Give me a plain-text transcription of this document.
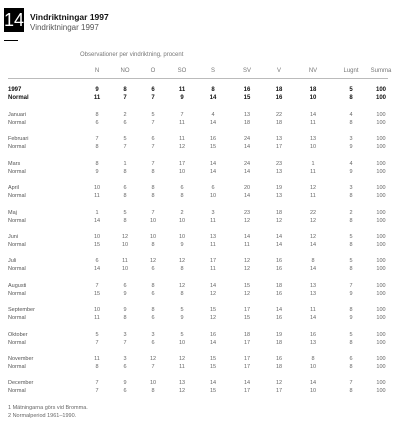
14 Vindriktningar 1997
Vindriktningar 1997
Observationer per vindriktning, procent
N	NO	O	SO	S	SV	V	NV	Lugnt	Summa
1997	9	8	6	11	8	16	18	18	5	100
Normal	11	7	7	9	14	15	16	10	8	100
Januari	8	2	5	7	4	13	22	14	4	100
Normal	6	6	7	11	14	18	18	11	8	100
Februari	7	5	6	11	16	24	13	13	3	100
Normal	8	7	7	12	15	14	17	10	9	100
Mars	8	1	7	17	14	24	23	1	4	100
Normal	9	8	8	10	14	14	13	11	9	100
April	10	6	8	6	6	20	19	12	3	100
Normal	11	8	8	8	10	14	13	11	8	100
Maj	1	5	7	2	3	23	18	22	2	100
Normal	14	8	10	10	11	12	12	12	8	100
Juni	10	12	10	10	13	14	14	12	5	100
Normal	15	10	8	9	11	11	14	14	8	100
Juli	6	11	12	12	17	12	16	8	5	100
Normal	14	10	6	8	11	12	16	14	8	100
Augusti	7	6	8	12	14	15	18	13	7	100
Normal	15	9	6	8	12	12	16	13	9	100
September	10	9	8	5	15	17	14	11	8	100
Normal	11	8	6	9	12	15	16	14	9	100
Oktober	5	3	3	5	16	18	19	16	5	100
Normal	7	7	6	10	14	17	18	13	8	100
November	11	3	12	12	15	17	16	8	6	100
Normal	8	6	7	11	15	17	18	10	8	100
December	7	9	10	13	14	14	12	14	7	100
Normal	7	6	8	12	15	17	17	10	8	100
1 Mätningarna görs vid Bromma.
2 Normalperiod 1961–1990.
